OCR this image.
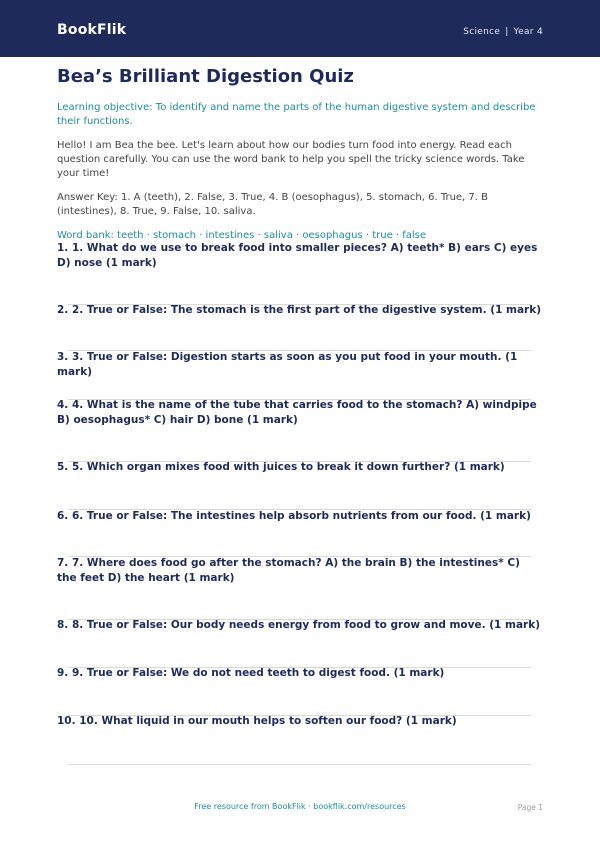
BookFlik	Science | Year 4
Bea’s Brilliant Digestion Quiz

Learning objective: To identify and name the parts of the human digestive system and describe their functions.

Hello! I am Bea the bee. Let's learn about how our bodies turn food into energy. Read each question carefully. You can use the word bank to help you spell the tricky science words. Take your time!

Answer Key: 1. A (teeth), 2. False, 3. True, 4. B (oesophagus), 5. stomach, 6. True, 7. B (intestines), 8. True, 9. False, 10. saliva.

Word bank: teeth · stomach · intestines · saliva · oesophagus · true · false

1. 1. What do we use to break food into smaller pieces? A) teeth* B) ears C) eyes D) nose (1 mark)
2. 2. True or False: The stomach is the first part of the digestive system. (1 mark)
3. 3. True or False: Digestion starts as soon as you put food in your mouth. (1 mark)
4. 4. What is the name of the tube that carries food to the stomach? A) windpipe B) oesophagus* C) hair D) bone (1 mark)
5. 5. Which organ mixes food with juices to break it down further? (1 mark)
6. 6. True or False: The intestines help absorb nutrients from our food. (1 mark)
7. 7. Where does food go after the stomach? A) the brain B) the intestines* C) the feet D) the heart (1 mark)
8. 8. True or False: Our body needs energy from food to grow and move. (1 mark)
9. 9. True or False: We do not need teeth to digest food. (1 mark)
10. 10. What liquid in our mouth helps to soften our food? (1 mark)
Free resource from BookFlik · bookflik.com/resources	Page 1
